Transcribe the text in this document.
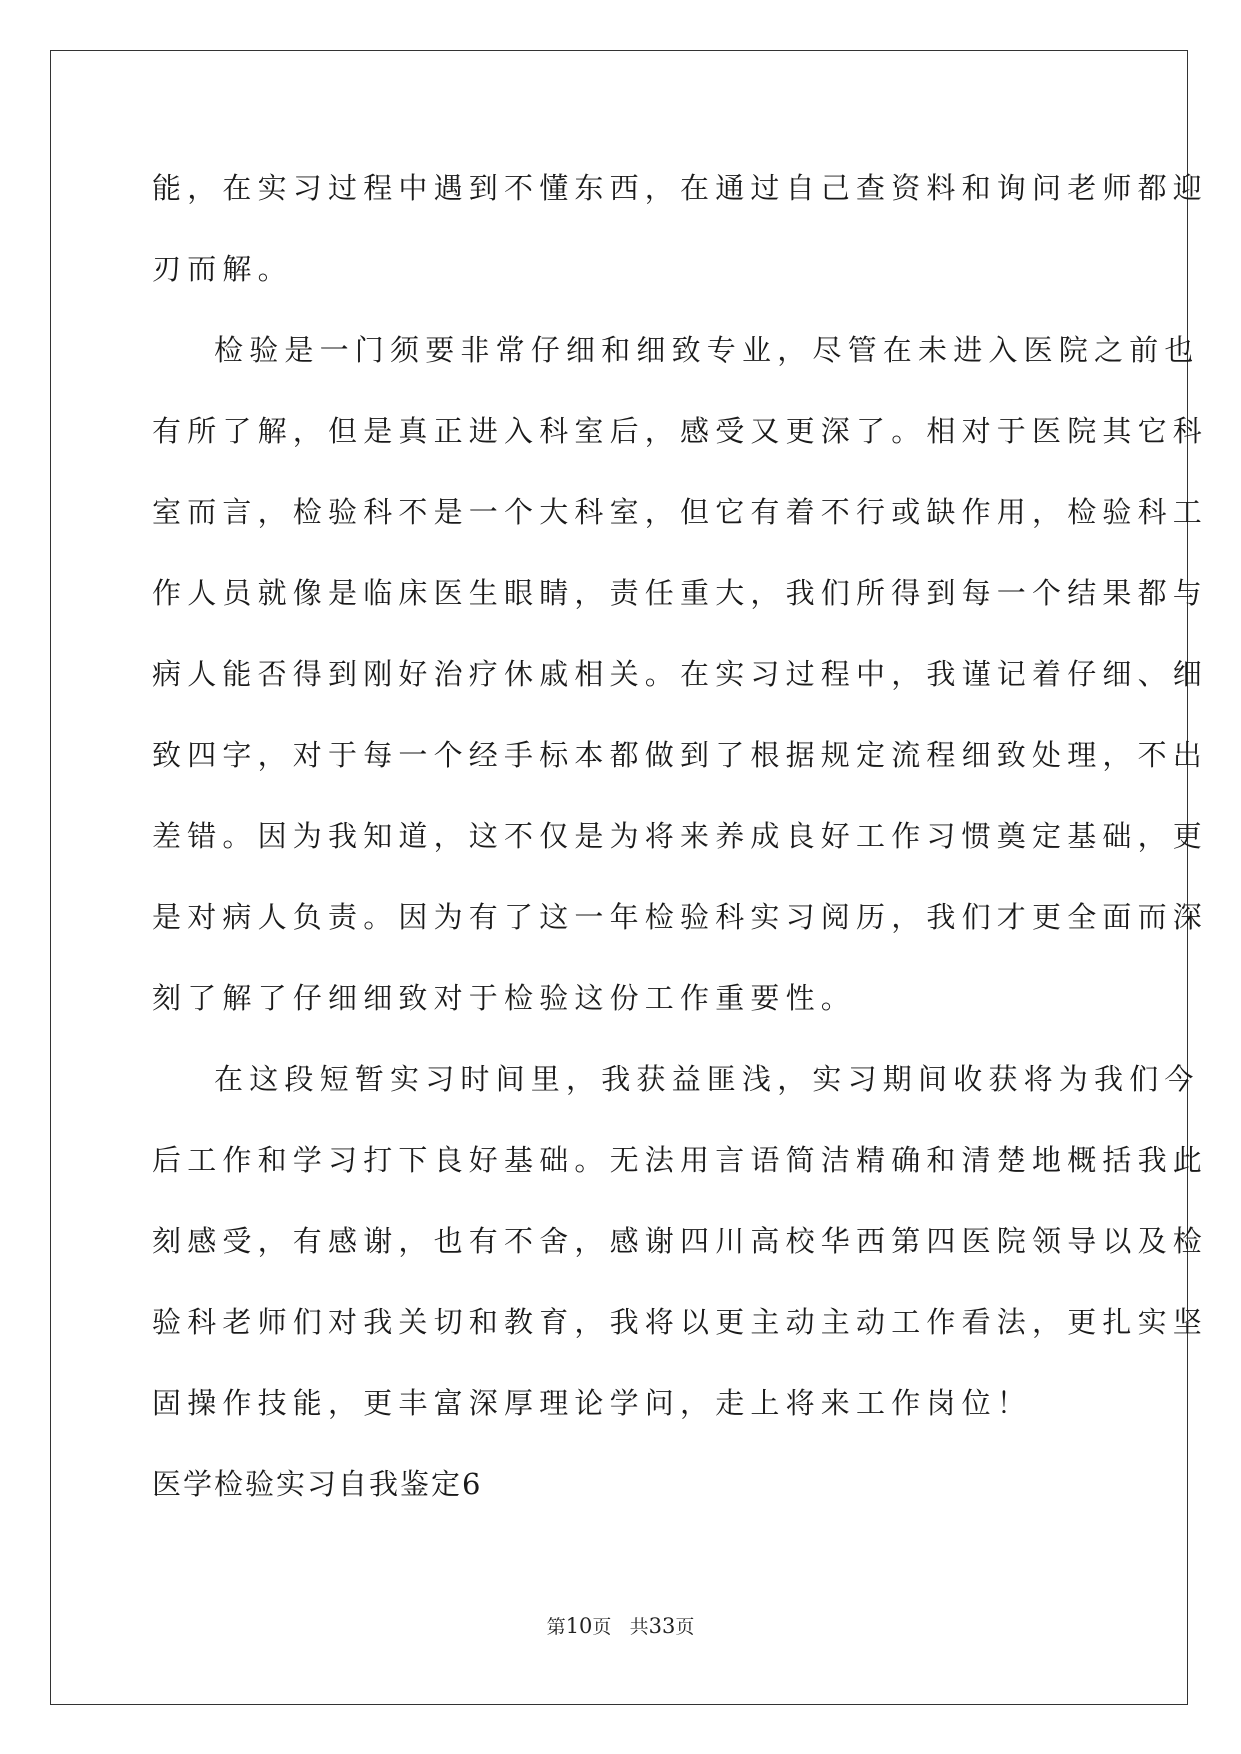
能，在实习过程中遇到不懂东西，在通过自己查资料和询问老师都迎
刃而解。
检验是一门须要非常仔细和细致专业，尽管在未进入医院之前也
有所了解，但是真正进入科室后，感受又更深了。相对于医院其它科
室而言，检验科不是一个大科室，但它有着不行或缺作用，检验科工
作人员就像是临床医生眼睛，责任重大，我们所得到每一个结果都与
病人能否得到刚好治疗休戚相关。在实习过程中，我谨记着仔细、细
致四字，对于每一个经手标本都做到了根据规定流程细致处理，不出
差错。因为我知道，这不仅是为将来养成良好工作习惯奠定基础，更
是对病人负责。因为有了这一年检验科实习阅历，我们才更全面而深
刻了解了仔细细致对于检验这份工作重要性。
在这段短暂实习时间里，我获益匪浅，实习期间收获将为我们今
后工作和学习打下良好基础。无法用言语简洁精确和清楚地概括我此
刻感受，有感谢，也有不舍，感谢四川高校华西第四医院领导以及检
验科老师们对我关切和教育，我将以更主动主动工作看法，更扎实坚
固操作技能，更丰富深厚理论学问，走上将来工作岗位！
医学检验实习自我鉴定6
第10页 共33页
